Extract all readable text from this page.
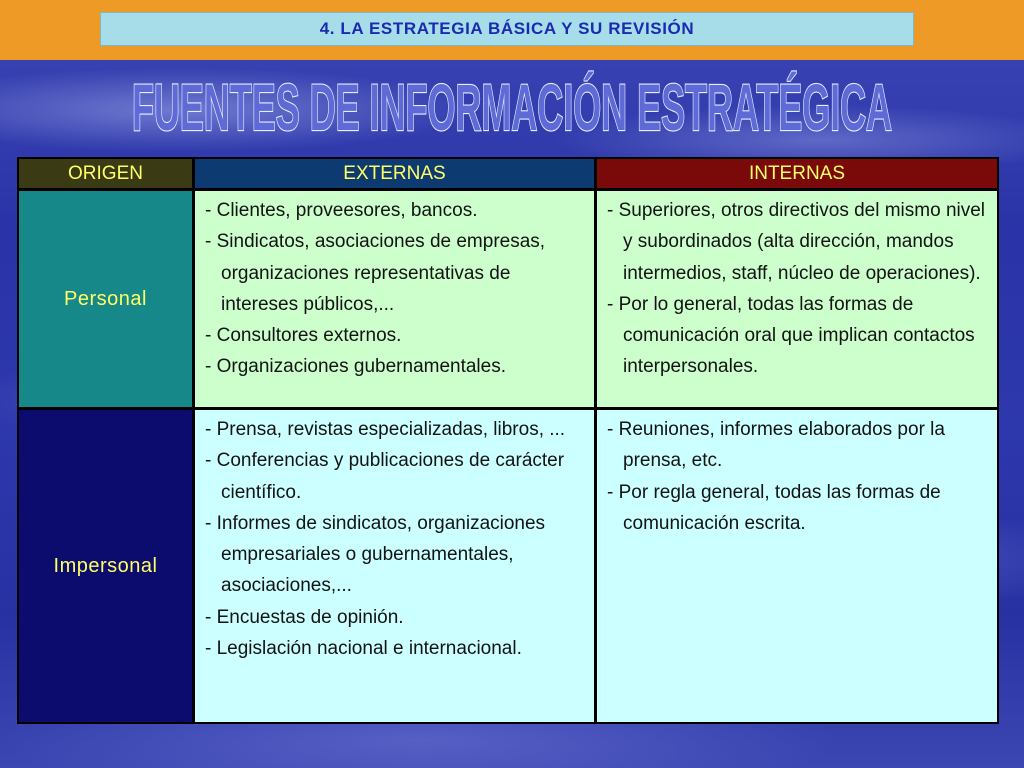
4. LA ESTRATEGIA BÁSICA Y SU REVISIÓN
FUENTES DE INFORMACIÓN ESTRATÉGICA
ORIGEN	EXTERNAS	INTERNAS
Personal
- Clientes, proveesores, bancos.
- Sindicatos, asociaciones de empresas, organizaciones representativas de intereses públicos,...
- Consultores externos.
- Organizaciones gubernamentales.
- Superiores, otros directivos del mismo nivel y subordinados (alta dirección, mandos intermedios, staff, núcleo de operaciones).
- Por lo general, todas las formas de comunicación oral que implican contactos interpersonales.
Impersonal
- Prensa, revistas especializadas, libros, ...
- Conferencias y publicaciones de carácter científico.
- Informes de sindicatos, organizaciones empresariales o gubernamentales, asociaciones,...
- Encuestas de opinión.
- Legislación nacional e internacional.
- Reuniones, informes elaborados por la prensa, etc.
- Por regla general, todas las formas de comunicación escrita.
